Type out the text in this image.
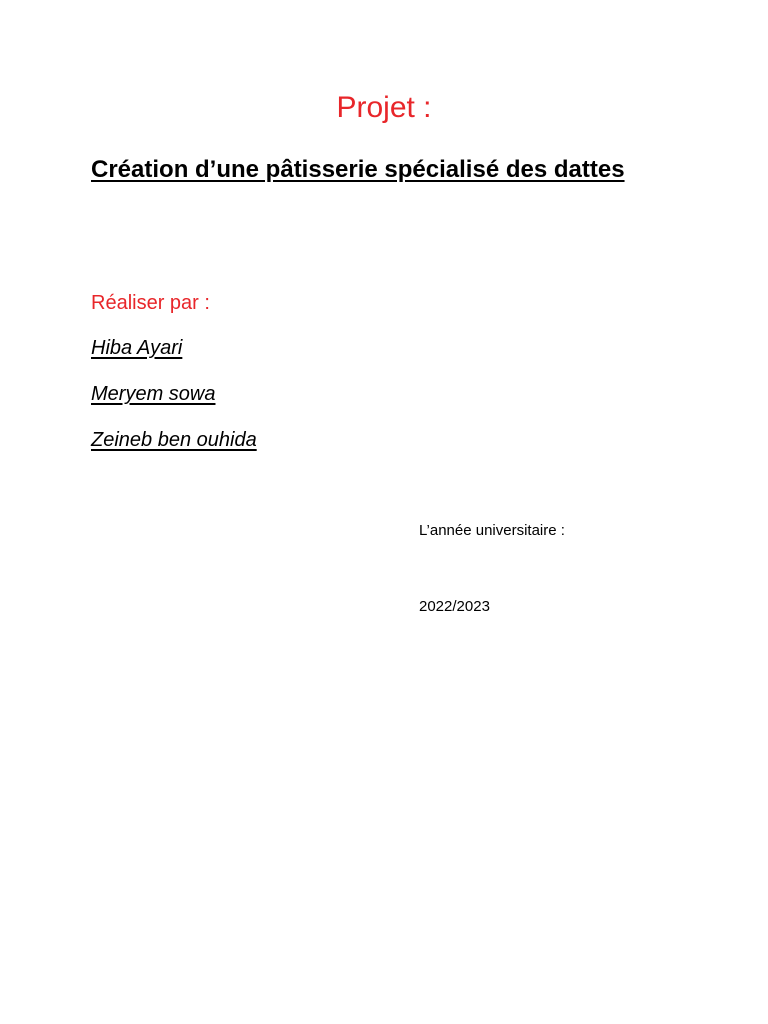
Projet :
Création d’une pâtisserie spécialisé des dattes
Réaliser par :
Hiba Ayari
Meryem sowa
Zeineb ben ouhida
L’année universitaire :
2022/2023
